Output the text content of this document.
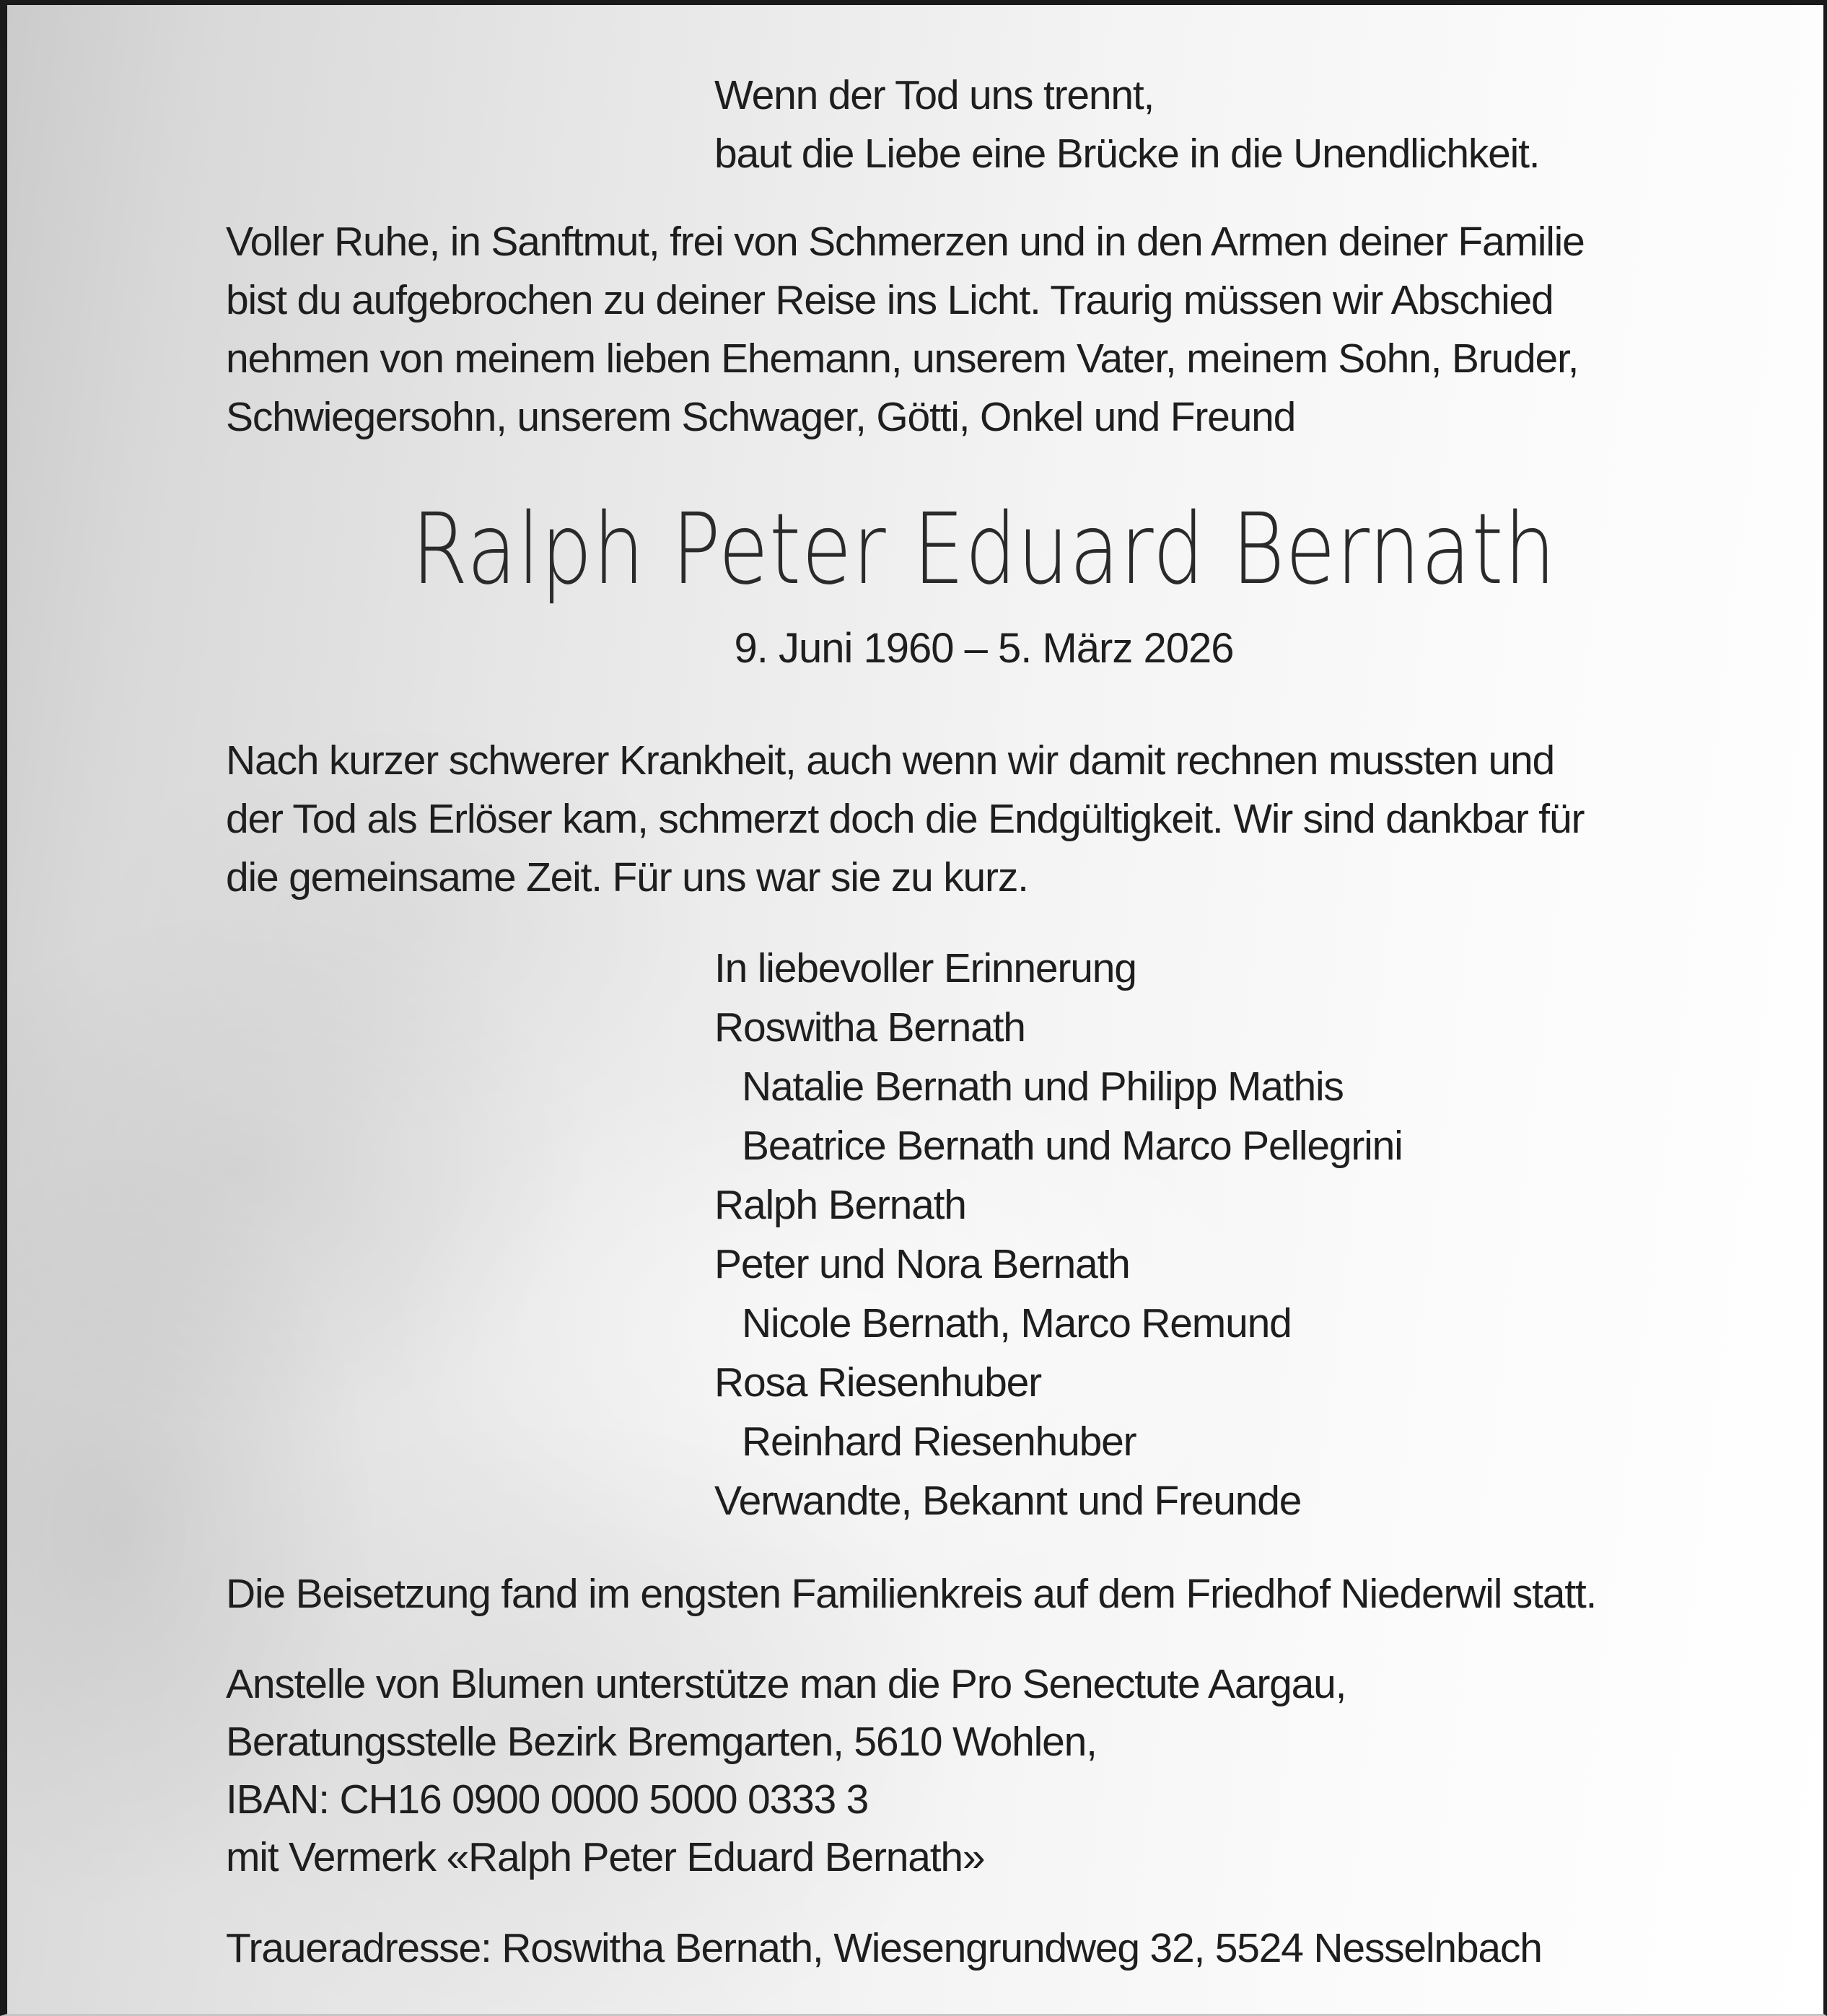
Wenn der Tod uns trennt,
baut die Liebe eine Brücke in die Unendlichkeit.
Voller Ruhe, in Sanftmut, frei von Schmerzen und in den Armen deiner Familie
bist du aufgebrochen zu deiner Reise ins Licht. Traurig müssen wir Abschied
nehmen von meinem lieben Ehemann, unserem Vater, meinem Sohn, Bruder,
Schwiegersohn, unserem Schwager, Götti, Onkel und Freund
Ralph Peter Eduard Bernath
9. Juni 1960 – 5. März 2026
Nach kurzer schwerer Krankheit, auch wenn wir damit rechnen mussten und
der Tod als Erlöser kam, schmerzt doch die Endgültigkeit. Wir sind dankbar für
die gemeinsame Zeit. Für uns war sie zu kurz.
In liebevoller Erinnerung
Roswitha Bernath
Natalie Bernath und Philipp Mathis
Beatrice Bernath und Marco Pellegrini
Ralph Bernath
Peter und Nora Bernath
Nicole Bernath, Marco Remund
Rosa Riesenhuber
Reinhard Riesenhuber
Verwandte, Bekannt und Freunde
Die Beisetzung fand im engsten Familienkreis auf dem Friedhof Niederwil statt.
Anstelle von Blumen unterstütze man die Pro Senectute Aargau,
Beratungsstelle Bezirk Bremgarten, 5610 Wohlen,
IBAN: CH16 0900 0000 5000 0333 3
mit Vermerk «Ralph Peter Eduard Bernath»
Traueradresse: Roswitha Bernath, Wiesengrundweg 32, 5524 Nesselnbach
